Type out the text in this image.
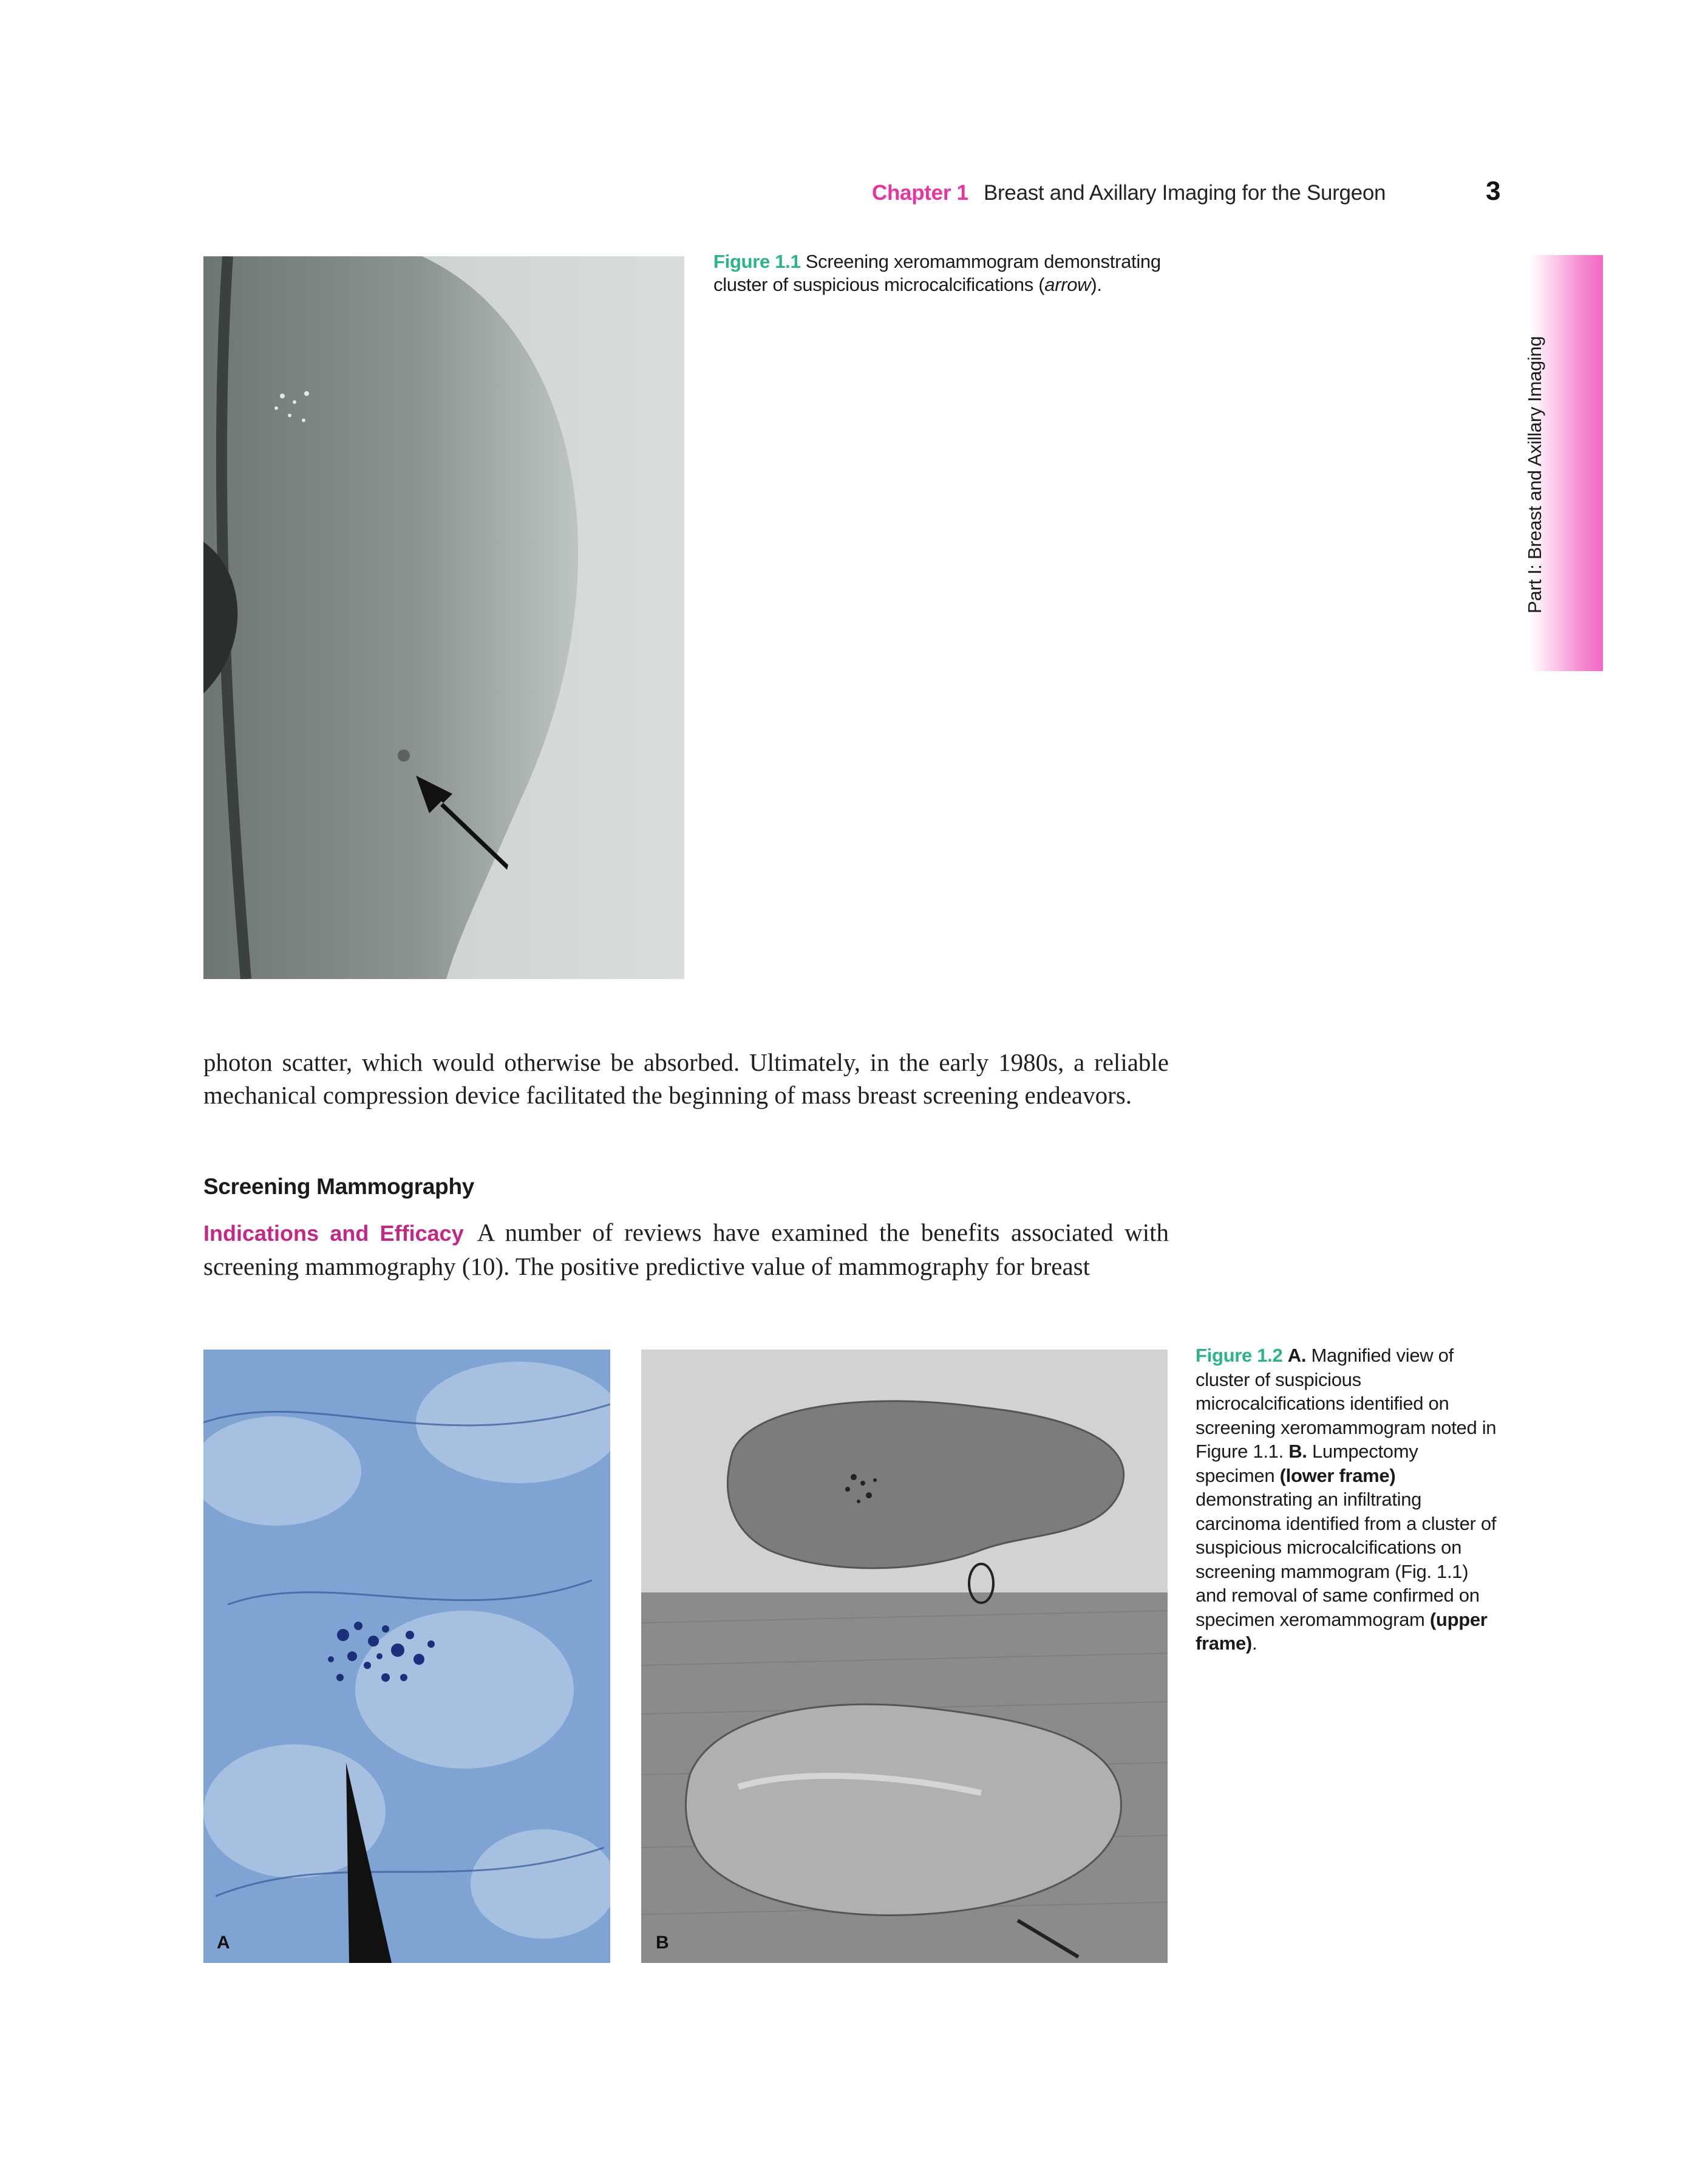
Chapter 1 Breast and Axillary Imaging for the Surgeon	3
Part I: Breast and Axillary Imaging
Figure 1.1 Screening xeromammogram demonstrating cluster of suspicious microcalcifications (arrow).

photon scatter, which would otherwise be absorbed. Ultimately, in the early 1980s, a reliable mechanical compression device facilitated the beginning of mass breast screening endeavors.

Screening Mammography

Indications and Efficacy A number of reviews have examined the benefits associated with screening mammography (10). The positive predictive value of mammography for breast

A	B
Figure 1.2 A. Magnified view of cluster of suspicious microcalcifications identified on screening xeromammogram noted in Figure 1.1. B. Lumpectomy specimen (lower frame) demonstrating an infiltrating carcinoma identified from a cluster of suspicious microcalcifications on screening mammogram (Fig. 1.1) and removal of same confirmed on specimen xeromammogram (upper frame).
